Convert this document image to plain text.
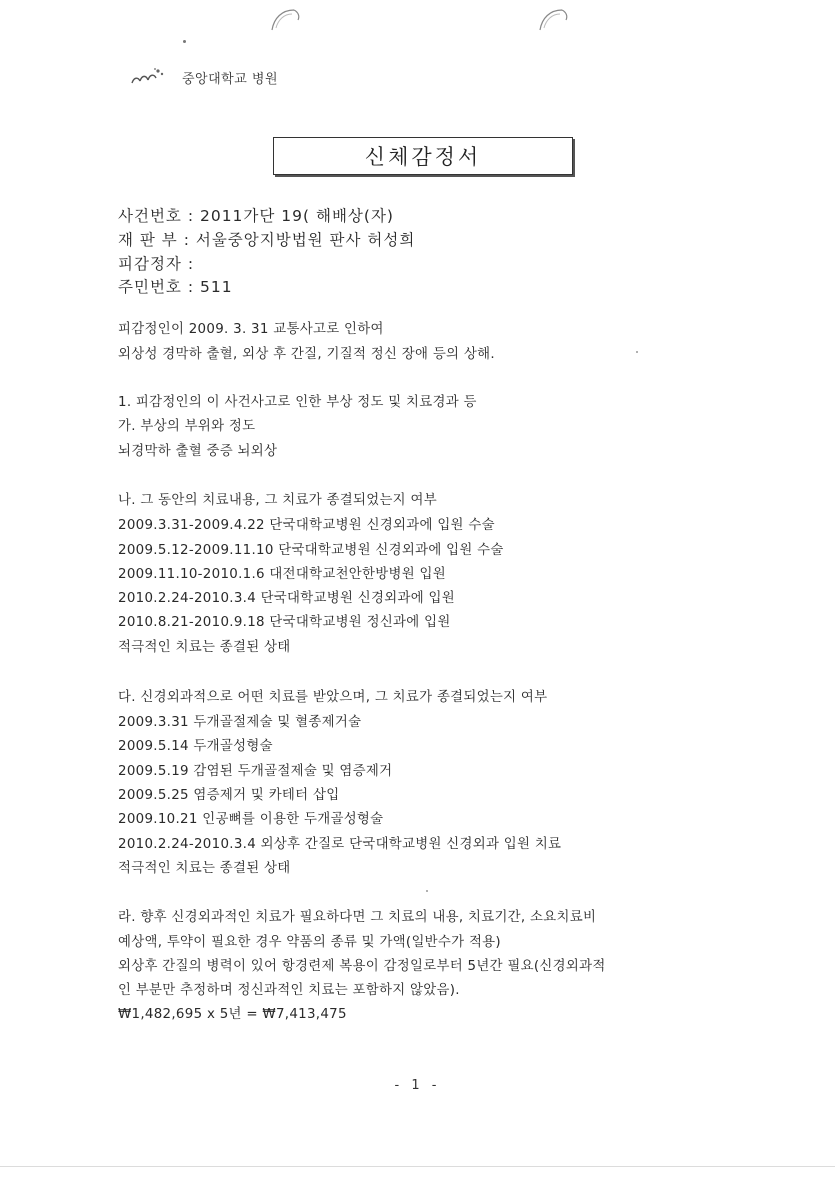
중앙대학교 병원
신체감정서
사건번호 : 2011가단 19( 해배상(자)
재 판 부 : 서울중앙지방법원 판사 허성희
피감정자 :
주민번호 : 511
피감정인이 2009. 3. 31 교통사고로 인하여
외상성 경막하 출혈, 외상 후 간질, 기질적 정신 장애 등의 상해.
1. 피감정인의 이 사건사고로 인한 부상 정도 및 치료경과 등
가. 부상의 부위와 정도
뇌경막하 출혈 중증 뇌외상
나. 그 동안의 치료내용, 그 치료가 종결되었는지 여부
2009.3.31-2009.4.22 단국대학교병원 신경외과에 입원 수술
2009.5.12-2009.11.10 단국대학교병원 신경외과에 입원 수술
2009.11.10-2010.1.6 대전대학교천안한방병원 입원
2010.2.24-2010.3.4 단국대학교병원 신경외과에 입원
2010.8.21-2010.9.18 단국대학교병원 정신과에 입원
적극적인 치료는 종결된 상태
다. 신경외과적으로 어떤 치료를 받았으며, 그 치료가 종결되었는지 여부
2009.3.31 두개골절제술 및 혈종제거술
2009.5.14 두개골성형술
2009.5.19 감염된 두개골절제술 및 염증제거
2009.5.25 염증제거 및 카테터 삽입
2009.10.21 인공뼈를 이용한 두개골성형술
2010.2.24-2010.3.4 외상후 간질로 단국대학교병원 신경외과 입원 치료
적극적인 치료는 종결된 상태
라. 향후 신경외과적인 치료가 필요하다면 그 치료의 내용, 치료기간, 소요치료비
예상액, 투약이 필요한 경우 약품의 종류 및 가액(일반수가 적용)
외상후 간질의 병력이 있어 항경련제 복용이 감정일로부터 5년간 필요(신경외과적
인 부분만 추정하며 정신과적인 치료는 포함하지 않았음).
₩1,482,695 x 5년 = ₩7,413,475
- 1 -
